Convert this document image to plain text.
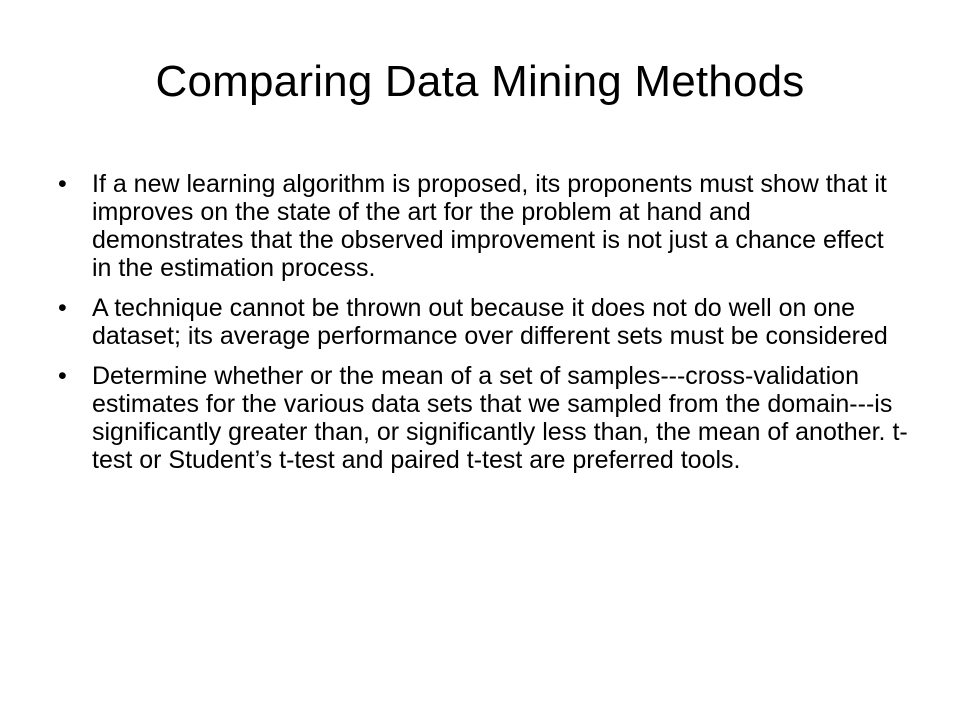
Comparing Data Mining Methods
•	If a new learning algorithm is proposed, its proponents must show that it improves on the state of the art for the problem at hand and demonstrates that the observed improvement is not just a chance effect in the estimation process.
•	A technique cannot be thrown out because it does not do well on one dataset; its average performance over different sets must be considered
•	Determine whether or the mean of a set of samples---cross-validation estimates for the various data sets that we sampled from the domain---is significantly greater than, or significantly less than, the mean of another. t-test or Student’s t-test and paired t-test are preferred tools.
